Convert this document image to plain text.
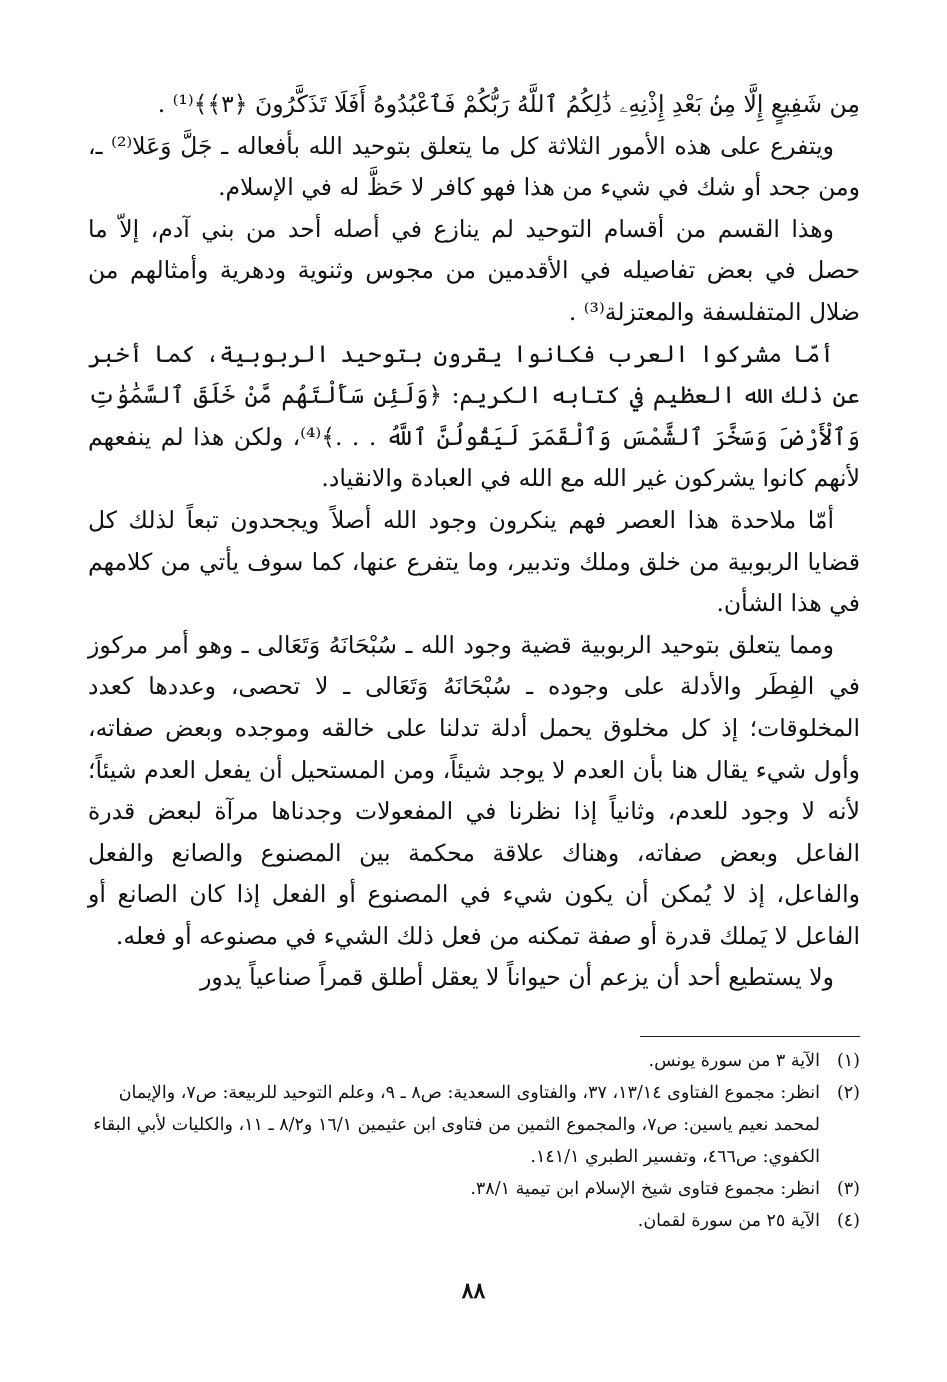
مِن شَفِيعٍ إِلَّا مِنۢ بَعْدِ إِذْنِهِۦ ذَٰلِكُمُ ٱللَّهُ رَبُّكُمْ فَٱعْبُدُوهُ أَفَلَا تَذَكَّرُونَ ﴿٣﴾﴾⁽¹⁾ .

ويتفرع على هذه الأمور الثلاثة كل ما يتعلق بتوحيد الله بأفعاله ـ جَلَّ وَعَلا⁽²⁾ ـ، ومن جحد أو شك في شيء من هذا فهو كافر لا حَظَّ له في الإسلام.

وهذا القسم من أقسام التوحيد لم ينازع في أصله أحد من بني آدم، إلاّ ما حصل في بعض تفاصيله في الأقدمين من مجوس وثنوية ودهرية وأمثالهم من ضلال المتفلسفة والمعتزلة⁽³⁾ .

أمّا مشركوا العرب فكانوا يقرون بتوحيد الربوبية، كما أخبر عن ذلك الله العظيم في كتابه الكريم: ﴿وَلَئِن سَأَلْتَهُم مَّنْ خَلَقَ ٱلسَّمَٰوَٰتِ وَٱلْأَرْضَ وَسَخَّرَ ٱلشَّمْسَ وَٱلْقَمَرَ لَيَقُولُنَّ ٱللَّهُ . . .﴾⁽⁴⁾، ولكن هذا لم ينفعهم لأنهم كانوا يشركون غير الله مع الله في العبادة والانقياد.

أمّا ملاحدة هذا العصر فهم ينكرون وجود الله أصلاً ويجحدون تبعاً لذلك كل قضايا الربوبية من خلق وملك وتدبير، وما يتفرع عنها، كما سوف يأتي من كلامهم في هذا الشأن.

ومما يتعلق بتوحيد الربوبية قضية وجود الله ـ سُبْحَانَهُ وَتَعَالى ـ وهو أمر مركوز في الفِطَر والأدلة على وجوده ـ سُبْحَانَهُ وَتَعَالى ـ لا تحصى، وعددها كعدد المخلوقات؛ إذ كل مخلوق يحمل أدلة تدلنا على خالقه وموجده وبعض صفاته، وأول شيء يقال هنا بأن العدم لا يوجد شيئاً، ومن المستحيل أن يفعل العدم شيئاً؛ لأنه لا وجود للعدم، وثانياً إذا نظرنا في المفعولات وجدناها مرآة لبعض قدرة الفاعل وبعض صفاته، وهناك علاقة محكمة بين المصنوع والصانع والفعل والفاعل، إذ لا يُمكن أن يكون شيء في المصنوع أو الفعل إذا كان الصانع أو الفاعل لا يَملك قدرة أو صفة تمكنه من فعل ذلك الشيء في مصنوعه أو فعله.

ولا يستطيع أحد أن يزعم أن حيواناً لا يعقل أطلق قمراً صناعياً يدور

(١)
الآية ٣ من سورة يونس.
(٢)
انظر: مجموع الفتاوى ١٣/١٤، ٣٧، والفتاوى السعدية: ص٨ ـ ٩، وعلم التوحيد للربيعة: ص٧، والإيمان لمحمد نعيم ياسين: ص٧، والمجموع الثمين من فتاوى ابن عثيمين ١٦/١ و٨/٢ ـ ١١، والكليات لأبي البقاء الكفوي: ص٤٦٦، وتفسير الطبري ١٤١/١.
(٣)
انظر: مجموع فتاوى شيخ الإسلام ابن تيمية ٣٨/١.
(٤)
الآية ٢٥ من سورة لقمان.
٨٨
